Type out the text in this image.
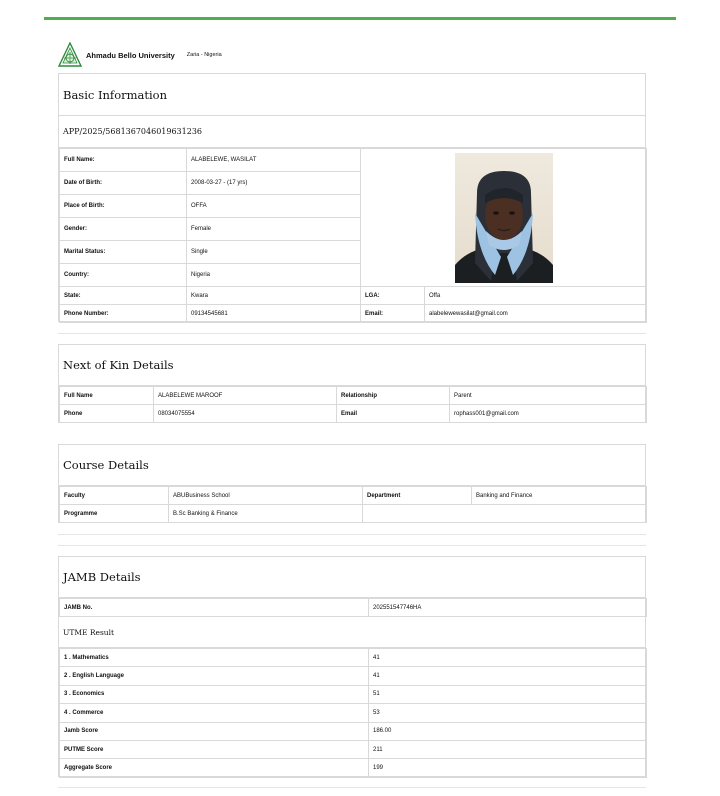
Ahmadu Bello University Zaria - Nigeria
Basic Information
APP/2025/5681367046019631236
Full Name:	ALABELEWE, WASILAT	

Date of Birth:	2008-03-27 - (17 yrs)		
Place of Birth:	OFFA		
Gender:	Female		
Marital Status:	Single		
Country:	Nigeria		
State:	Kwara	LGA:	Offa
Phone Number:	09134545681	Email:	alabelewewasilat@gmail.com
Next of Kin Details
Full Name	ALABELEWE MAROOF	Relationship	Parent
Phone	08034075554	Email	rophass001@gmail.com
Course Details
Faculty	ABUBusiness School	Department	Banking and Finance
Programme	B.Sc Banking & Finance		
JAMB Details
JAMB No.	202551547746HA
UTME Result
1 . Mathematics	41
2 . English Language	41
3 . Economics	51
4 . Commerce	53
Jamb Score	186.00
PUTME Score	211
Aggregate Score	199
